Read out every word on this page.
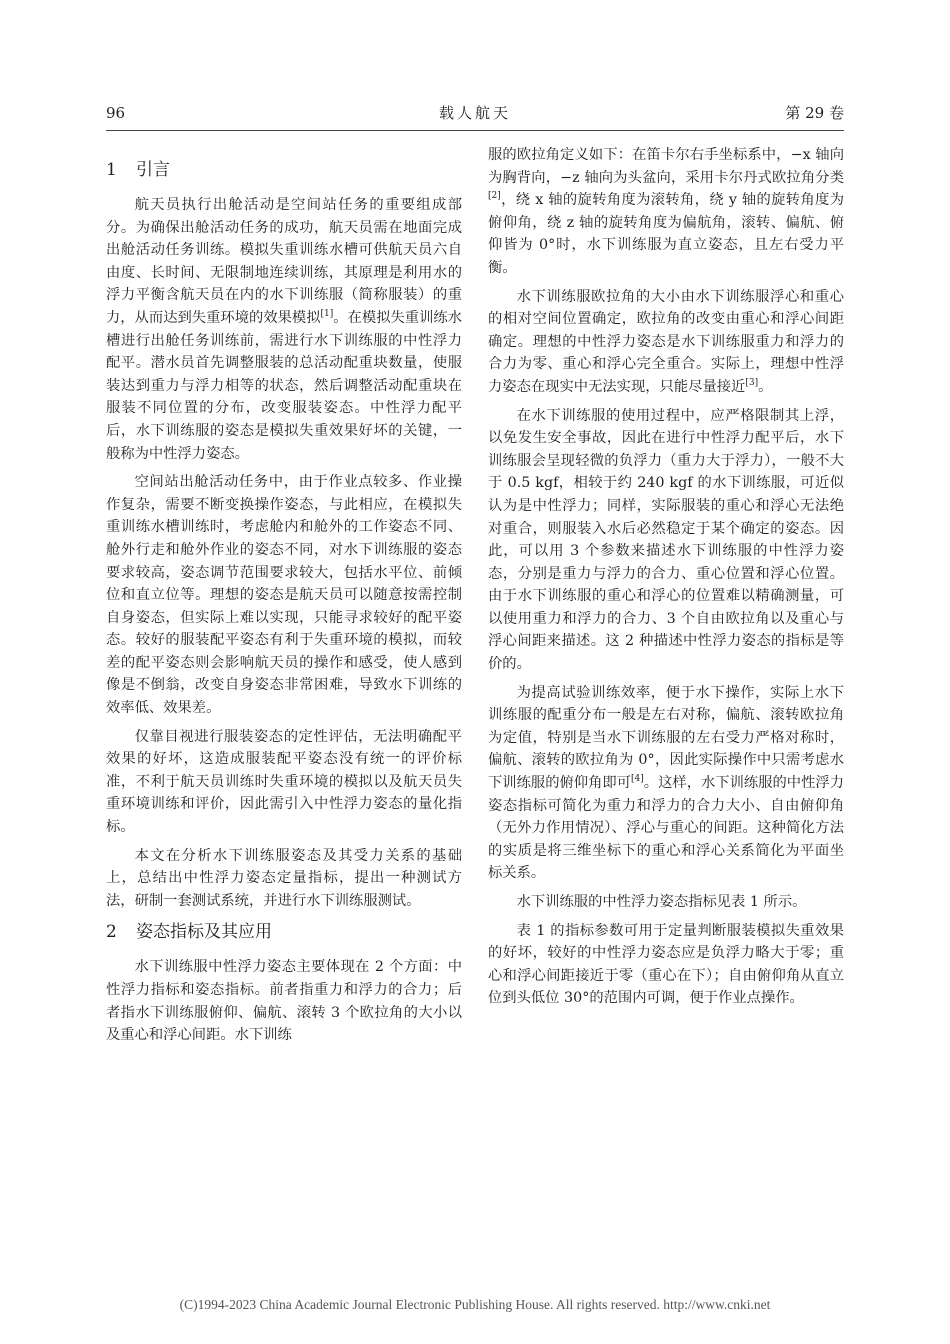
96	载人航天	第 29 卷
1 引言

航天员执行出舱活动是空间站任务的重要组成部分。为确保出舱活动任务的成功，航天员需在地面完成出舱活动任务训练。模拟失重训练水槽可供航天员六自由度、长时间、无限制地连续训练，其原理是利用水的浮力平衡含航天员在内的水下训练服（简称服装）的重力，从而达到失重环境的效果模拟[1]。在模拟失重训练水槽进行出舱任务训练前，需进行水下训练服的中性浮力配平。潜水员首先调整服装的总活动配重块数量，使服装达到重力与浮力相等的状态，然后调整活动配重块在服装不同位置的分布，改变服装姿态。中性浮力配平后，水下训练服的姿态是模拟失重效果好坏的关键，一般称为中性浮力姿态。

空间站出舱活动任务中，由于作业点较多、作业操作复杂，需要不断变换操作姿态，与此相应，在模拟失重训练水槽训练时，考虑舱内和舱外的工作姿态不同、舱外行走和舱外作业的姿态不同，对水下训练服的姿态要求较高，姿态调节范围要求较大，包括水平位、前倾位和直立位等。理想的姿态是航天员可以随意按需控制自身姿态，但实际上难以实现，只能寻求较好的配平姿态。较好的服装配平姿态有利于失重环境的模拟，而较差的配平姿态则会影响航天员的操作和感受，使人感到像是不倒翁，改变自身姿态非常困难，导致水下训练的效率低、效果差。

仅靠目视进行服装姿态的定性评估，无法明确配平效果的好坏，这造成服装配平姿态没有统一的评价标准，不利于航天员训练时失重环境的模拟以及航天员失重环境训练和评价，因此需引入中性浮力姿态的量化指标。

本文在分析水下训练服姿态及其受力关系的基础上，总结出中性浮力姿态定量指标，提出一种测试方法，研制一套测试系统，并进行水下训练服测试。

2 姿态指标及其应用

水下训练服中性浮力姿态主要体现在 2 个方面：中性浮力指标和姿态指标。前者指重力和浮力的合力；后者指水下训练服俯仰、偏航、滚转 3 个欧拉角的大小以及重心和浮心间距。水下训练

服的欧拉角定义如下：在笛卡尔右手坐标系中，−x 轴向为胸背向，−z 轴向为头盆向，采用卡尔丹式欧拉角分类[2]，绕 x 轴的旋转角度为滚转角，绕 y 轴的旋转角度为俯仰角，绕 z 轴的旋转角度为偏航角，滚转、偏航、俯仰皆为 0°时，水下训练服为直立姿态，且左右受力平衡。

水下训练服欧拉角的大小由水下训练服浮心和重心的相对空间位置确定，欧拉角的改变由重心和浮心间距确定。理想的中性浮力姿态是水下训练服重力和浮力的合力为零、重心和浮心完全重合。实际上，理想中性浮力姿态在现实中无法实现，只能尽量接近[3]。

在水下训练服的使用过程中，应严格限制其上浮，以免发生安全事故，因此在进行中性浮力配平后，水下训练服会呈现轻微的负浮力（重力大于浮力），一般不大于 0.5 kgf，相较于约 240 kgf 的水下训练服，可近似认为是中性浮力；同样，实际服装的重心和浮心无法绝对重合，则服装入水后必然稳定于某个确定的姿态。因此，可以用 3 个参数来描述水下训练服的中性浮力姿态，分别是重力与浮力的合力、重心位置和浮心位置。由于水下训练服的重心和浮心的位置难以精确测量，可以使用重力和浮力的合力、3 个自由欧拉角以及重心与浮心间距来描述。这 2 种描述中性浮力姿态的指标是等价的。

为提高试验训练效率，便于水下操作，实际上水下训练服的配重分布一般是左右对称，偏航、滚转欧拉角为定值，特别是当水下训练服的左右受力严格对称时，偏航、滚转的欧拉角为 0°，因此实际操作中只需考虑水下训练服的俯仰角即可[4]。这样，水下训练服的中性浮力姿态指标可简化为重力和浮力的合力大小、自由俯仰角（无外力作用情况）、浮心与重心的间距。这种简化方法的实质是将三维坐标下的重心和浮心关系简化为平面坐标关系。

水下训练服的中性浮力姿态指标见表 1 所示。

表 1 的指标参数可用于定量判断服装模拟失重效果的好坏，较好的中性浮力姿态应是负浮力略大于零；重心和浮心间距接近于零（重心在下）；自由俯仰角从直立位到头低位 30°的范围内可调，便于作业点操作。

(C)1994-2023 China Academic Journal Electronic Publishing House. All rights reserved. http://www.cnki.net
